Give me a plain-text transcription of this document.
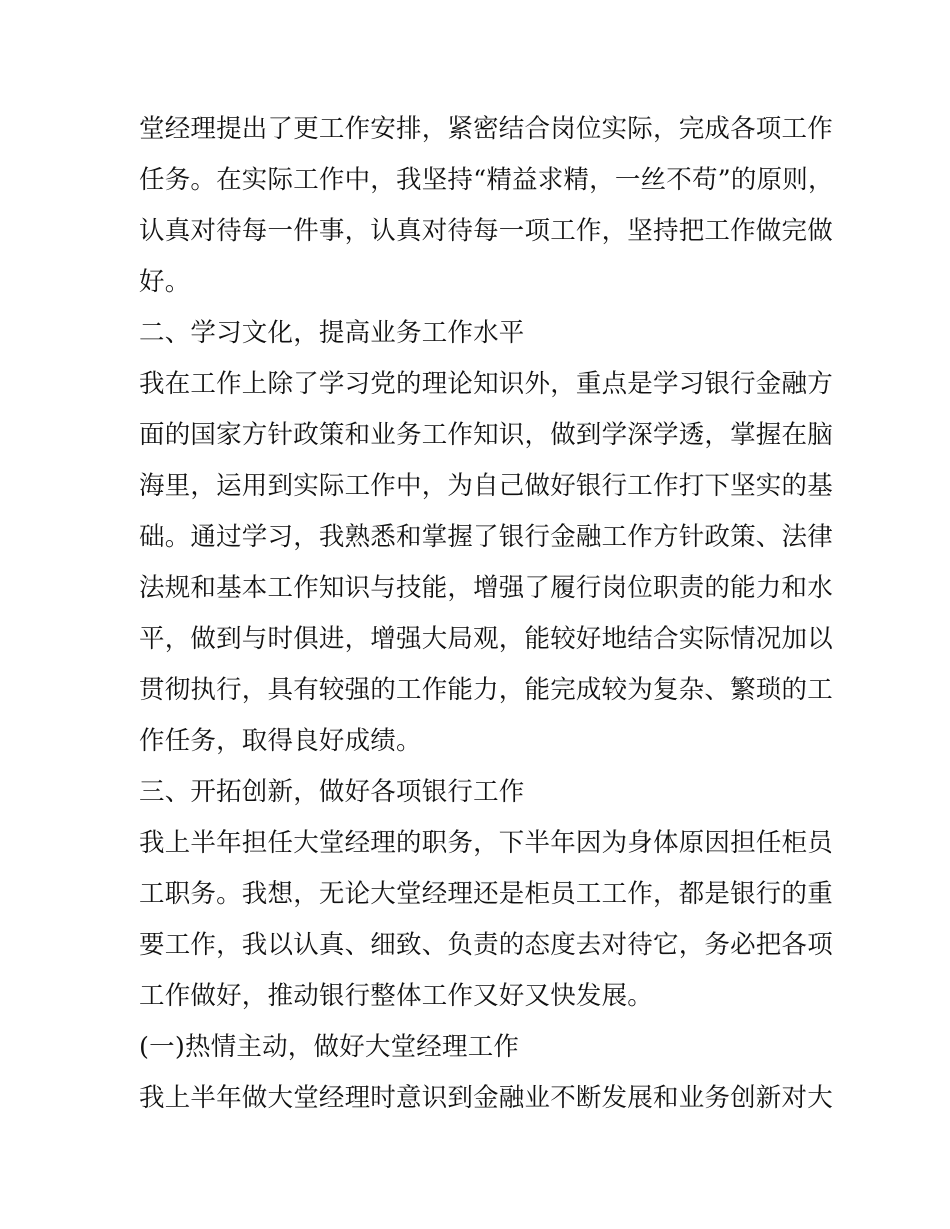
堂经理提出了更工作安排，紧密结合岗位实际，完成各项工作
任务。在实际工作中，我坚持“精益求精，一丝不苟”的原则，
认真对待每一件事，认真对待每一项工作，坚持把工作做完做
好。
二、学习文化，提高业务工作水平
我在工作上除了学习党的理论知识外，重点是学习银行金融方
面的国家方针政策和业务工作知识，做到学深学透，掌握在脑
海里，运用到实际工作中，为自己做好银行工作打下坚实的基
础。通过学习，我熟悉和掌握了银行金融工作方针政策、法律
法规和基本工作知识与技能，增强了履行岗位职责的能力和水
平，做到与时俱进，增强大局观，能较好地结合实际情况加以
贯彻执行，具有较强的工作能力，能完成较为复杂、繁琐的工
作任务，取得良好成绩。
三、开拓创新，做好各项银行工作
我上半年担任大堂经理的职务，下半年因为身体原因担任柜员
工职务。我想，无论大堂经理还是柜员工工作，都是银行的重
要工作，我以认真、细致、负责的态度去对待它，务必把各项
工作做好，推动银行整体工作又好又快发展。
(一)热情主动，做好大堂经理工作
我上半年做大堂经理时意识到金融业不断发展和业务创新对大
